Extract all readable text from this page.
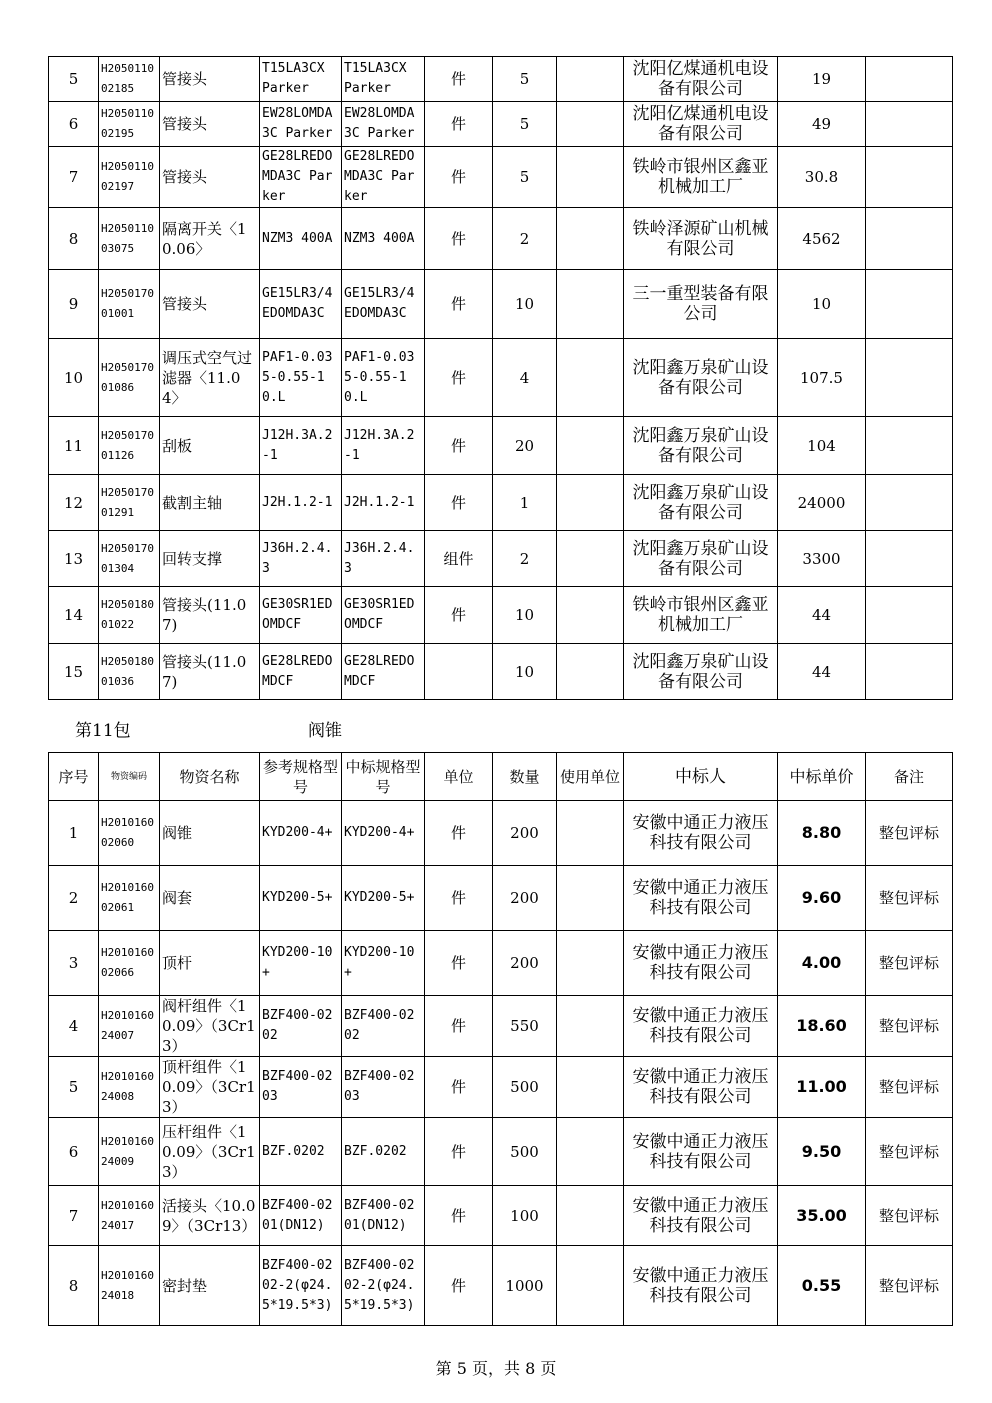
5	H205011002185	管接头	T15LA3CX Parker	T15LA3CX Parker	件	5		沈阳亿煤通机电设备有限公司	19	
6	H205011002195	管接头	EW28LOMDA3C Parker	EW28LOMDA3C Parker	件	5		沈阳亿煤通机电设备有限公司	49	
7	H205011002197	管接头	GE28LREDOMDA3C Parker	GE28LREDOMDA3C Parker	件	5		铁岭市银州区鑫亚机械加工厂	30.8	
8	H205011003075	隔离开关〈10.06〉	NZM3 400A	NZM3 400A	件	2		铁岭泽源矿山机械有限公司	4562	
9	H205017001001	管接头	GE15LR3/4EDOMDA3C	GE15LR3/4EDOMDA3C	件	10		三一重型装备有限公司	10	
10	H205017001086	调压式空气过滤器〈11.04〉	PAF1-0.035-0.55-10.L	PAF1-0.035-0.55-10.L	件	4		沈阳鑫万泉矿山设备有限公司	107.5	
11	H205017001126	刮板	J12H.3A.2-1	J12H.3A.2-1	件	20		沈阳鑫万泉矿山设备有限公司	104	
12	H205017001291	截割主轴	J2H.1.2-1	J2H.1.2-1	件	1		沈阳鑫万泉矿山设备有限公司	24000	
13	H205017001304	回转支撑	J36H.2.4.3	J36H.2.4.3	组件	2		沈阳鑫万泉矿山设备有限公司	3300	
14	H205018001022	管接头(11.07)	GE30SR1EDOMDCF	GE30SR1EDOMDCF	件	10		铁岭市银州区鑫亚机械加工厂	44	
15	H205018001036	管接头(11.07)	GE28LREDOMDCF	GE28LREDOMDCF		10		沈阳鑫万泉矿山设备有限公司	44	
第11包	阀锥
序号	物资编码	物资名称	参考规格型号	中标规格型号	单位	数量	使用单位	中标人	中标单价	备注
1	H201016002060	阀锥	KYD200-4+	KYD200-4+	件	200		安徽中通正力液压科技有限公司	8.80	整包评标
2	H201016002061	阀套	KYD200-5+	KYD200-5+	件	200		安徽中通正力液压科技有限公司	9.60	整包评标
3	H201016002066	顶杆	KYD200-10+	KYD200-10+	件	200		安徽中通正力液压科技有限公司	4.00	整包评标
4	H201016024007	阀杆组件〈10.09〉（3Cr13）	BZF400-0202	BZF400-0202	件	550		安徽中通正力液压科技有限公司	18.60	整包评标
5	H201016024008	顶杆组件〈10.09〉（3Cr13）	BZF400-0203	BZF400-0203	件	500		安徽中通正力液压科技有限公司	11.00	整包评标
6	H201016024009	压杆组件〈10.09〉（3Cr13）	BZF.0202	BZF.0202	件	500		安徽中通正力液压科技有限公司	9.50	整包评标
7	H201016024017	活接头〈10.09〉（3Cr13）	BZF400-0201(DN12)	BZF400-0201(DN12)	件	100		安徽中通正力液压科技有限公司	35.00	整包评标
8	H201016024018	密封垫	BZF400-0202-2(φ24.5*19.5*3)	BZF400-0202-2(φ24.5*19.5*3)	件	1000		安徽中通正力液压科技有限公司	0.55	整包评标
第 5 页，共 8 页
